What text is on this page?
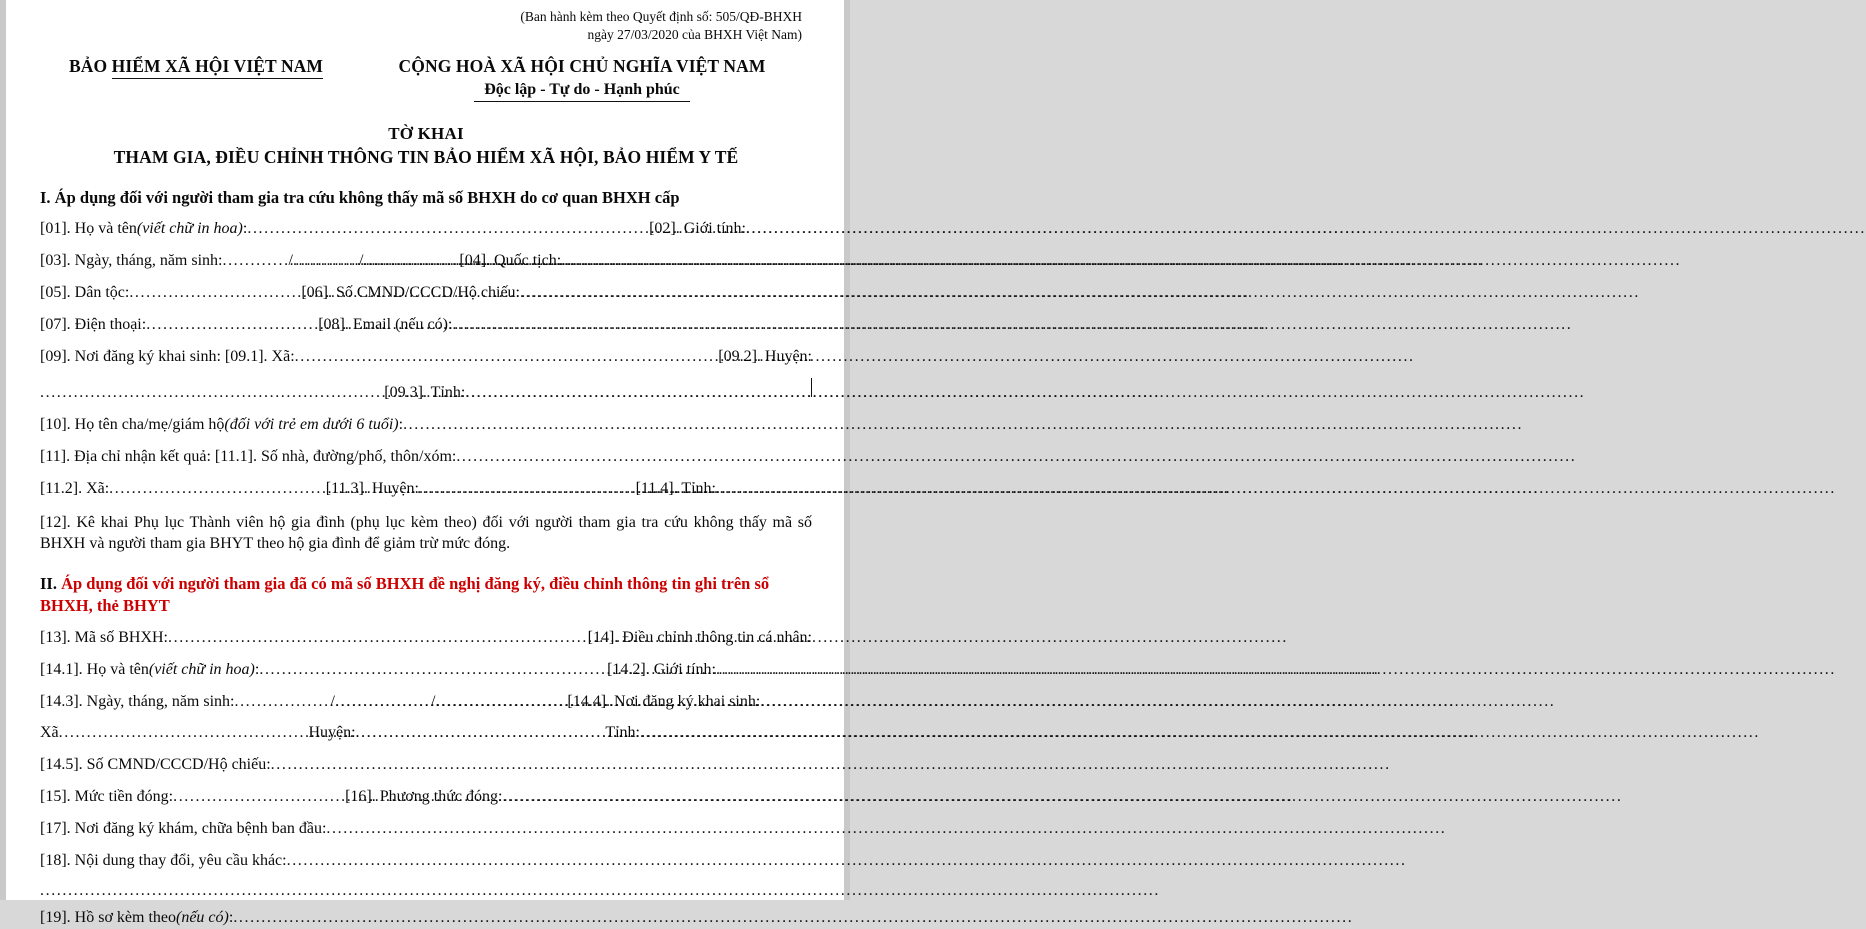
(Ban hành kèm theo Quyết định số: 505/QĐ-BHXH
ngày 27/03/2020 của BHXH Việt Nam)
BẢO HIỂM XÃ HỘI VIỆT NAM	CỘNG HOÀ XÃ HỘI CHỦ NGHĨA VIỆT NAM
Độc lập - Tự do - Hạnh phúc
TỜ KHAI
THAM GIA, ĐIỀU CHỈNH THÔNG TIN BẢO HIỂM XÃ HỘI, BẢO HIỂM Y TẾ
I. Áp dụng đối với người tham gia tra cứu không thấy mã số BHXH do cơ quan BHXH cấp
[01]. Họ và tên (viết chữ in hoa) : .....	[02]. Giới tính:
.....
[03]. Ngày, tháng, năm sinh: .....	/ .....	/ .....	[04]. Quốc tịch:
.....
[05]. Dân tộc: .....	[06]. Số CMND/CCCD/Hộ chiếu:
.....
[07]. Điện thoại: .....	[08]. Email (nếu có):
.....
[09]. Nơi đăng ký khai sinh: [09.1]. Xã: .....	[09.2]. Huyện:
.....
[09.3]. Tỉnh:
.....
[10]. Họ tên cha/mẹ/giám hộ (đối với trẻ em dưới 6 tuổi) :
.....
[11]. Địa chỉ nhận kết quả: [11.1]. Số nhà, đường/phố, thôn/xóm:
.....
[11.2]. Xã: .....	[11.3]. Huyện: .....	[11.4]. Tỉnh:
.....
[12]. Kê khai Phụ lục Thành viên hộ gia đình (phụ lục kèm theo) đối với người tham gia tra cứu không thấy mã số BHXH và người tham gia BHYT theo hộ gia đình để giảm trừ mức đóng.
II. Áp dụng đối với người tham gia đã có mã số BHXH đề nghị đăng ký, điều chỉnh thông tin ghi trên sổ BHXH, thẻ BHYT
[13]. Mã số BHXH: .....	[14]. Điều chỉnh thông tin cá nhân:
[14.1]. Họ và tên (viết chữ in hoa) : .....	[14.2]. Giới tính:
.....
[14.3]. Ngày, tháng, năm sinh: .....	/ .....	/ .....	[14.4]. Nơi đăng ký khai sinh:
Xã .....	Huyện: .....	Tỉnh:
.....
[14.5]. Số CMND/CCCD/Hộ chiếu:
.....
[15]. Mức tiền đóng: .....	[16]. Phương thức đóng:
.....
[17]. Nơi đăng ký khám, chữa bệnh ban đầu:
.....
[18]. Nội dung thay đổi, yêu cầu khác:
.....
.....
[19]. Hồ sơ kèm theo (nếu có) :
.....
